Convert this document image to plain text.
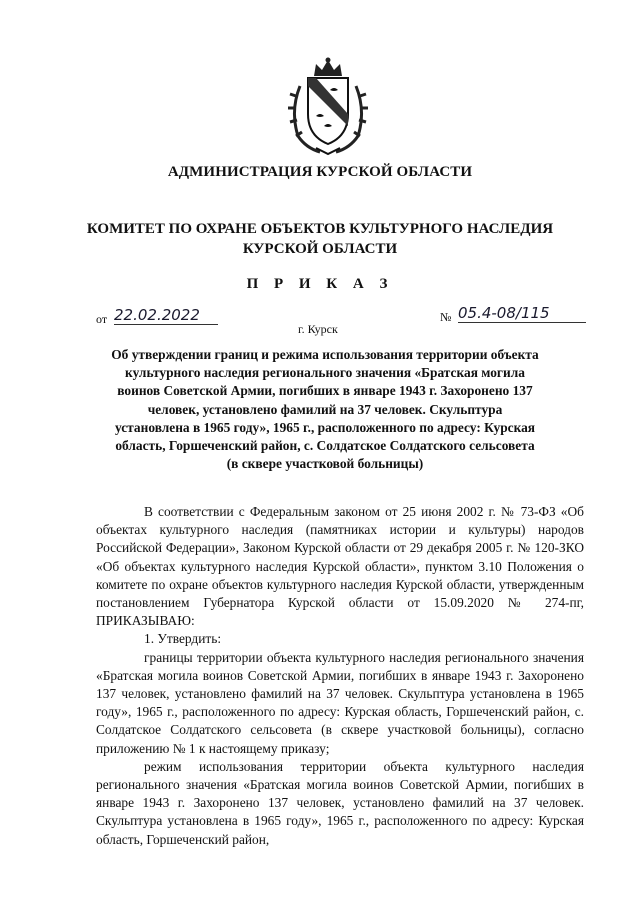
АДМИНИСТРАЦИЯ КУРСКОЙ ОБЛАСТИ
КОМИТЕТ ПО ОХРАНЕ ОБЪЕКТОВ КУЛЬТУРНОГО НАСЛЕДИЯ
КУРСКОЙ ОБЛАСТИ
П Р И К А З
от 22.02.2022	№ 05.4-08/115
г. Курск
Об утверждении границ и режима использования территории объекта культурного наследия регионального значения «Братская могила воинов Советской Армии, погибших в январе 1943 г. Захоронено 137 человек, установлено фамилий на 37 человек. Скульптура установлена в 1965 году», 1965 г., расположенного по адресу: Курская область, Горшеченский район, с. Солдатское Солдатского сельсовета (в сквере участковой больницы)

В соответствии с Федеральным законом от 25 июня 2002 г. № 73-ФЗ «Об объектах культурного наследия (памятниках истории и культуры) народов Российской Федерации», Законом Курской области от 29 декабря 2005 г. № 120-ЗКО «Об объектах культурного наследия Курской области», пунктом 3.10 Положения о комитете по охране объектов культурного наследия Курской области, утвержденным постановлением Губернатора Курской области от 15.09.2020 № 274-пг, ПРИКАЗЫВАЮ:

1. Утвердить:

границы территории объекта культурного наследия регионального значения «Братская могила воинов Советской Армии, погибших в январе 1943 г. Захоронено 137 человек, установлено фамилий на 37 человек. Скульптура установлена в 1965 году», 1965 г., расположенного по адресу: Курская область, Горшеченский район, с. Солдатское Солдатского сельсовета (в сквере участковой больницы), согласно приложению № 1 к настоящему приказу;

режим использования территории объекта культурного наследия регионального значения «Братская могила воинов Советской Армии, погибших в январе 1943 г. Захоронено 137 человек, установлено фамилий на 37 человек. Скульптура установлена в 1965 году», 1965 г., расположенного по адресу: Курская область, Горшеченский район,
